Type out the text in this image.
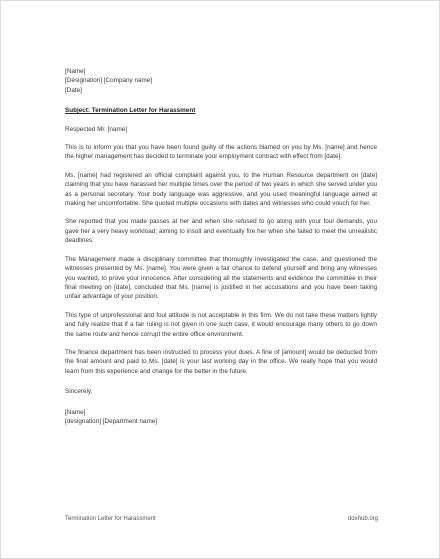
[Name]
[Designation] [Company name]
[Date]
Subject: Termination Letter for Harassment
Respected Mr. [name]

This is to inform you that you have been found guilty of the actions blamed on you by Ms. [name] and hence the higher management has decided to terminate your employment contract with effect from [date].

Ms. [name] had registered an official complaint against you, to the Human Resource department on [date] claiming that you have harassed her multiple times over the period of two years in which she served under you as a personal secretary. Your body language was aggressive, and you used meaningful language aimed at making her uncomfortable. She quoted multiple occasions with dates and witnesses who could vouch for her.

She reported that you made passes at her and when she refused to go along with your foul demands, you gave her a very heavy workload; aiming to insult and eventually fire her when she failed to meet the unrealistic deadlines.

The Management made a disciplinary committee that thoroughly investigated the case, and questioned the witnesses presented by Ms. [name]. You were given a fair chance to defend yourself and bring any witnesses you wanted, to prove your innocence. After considering all the statements and evidence the committee in their final meeting on [date], concluded that Ms. [name] is justified in her accusations and you have been taking unfair advantage of your position.

This type of unprofessional and foul attitude is not acceptable in this firm. We do not take these matters lightly and fully realize that if a fair ruling is not given in one such case, it would encourage many others to go down the same route and hence corrupt the entire office environment.

The finance department has been instructed to process your dues. A fine of [amount] would be deducted from the final amount and paid to Ms. [date] is your last working day in the office. We really hope that you would learn from this experience and change for the better in the future.

Sincerely,
[Name]
[designation] [Department name]
Termination Letter for Harassment	doxhub.org
